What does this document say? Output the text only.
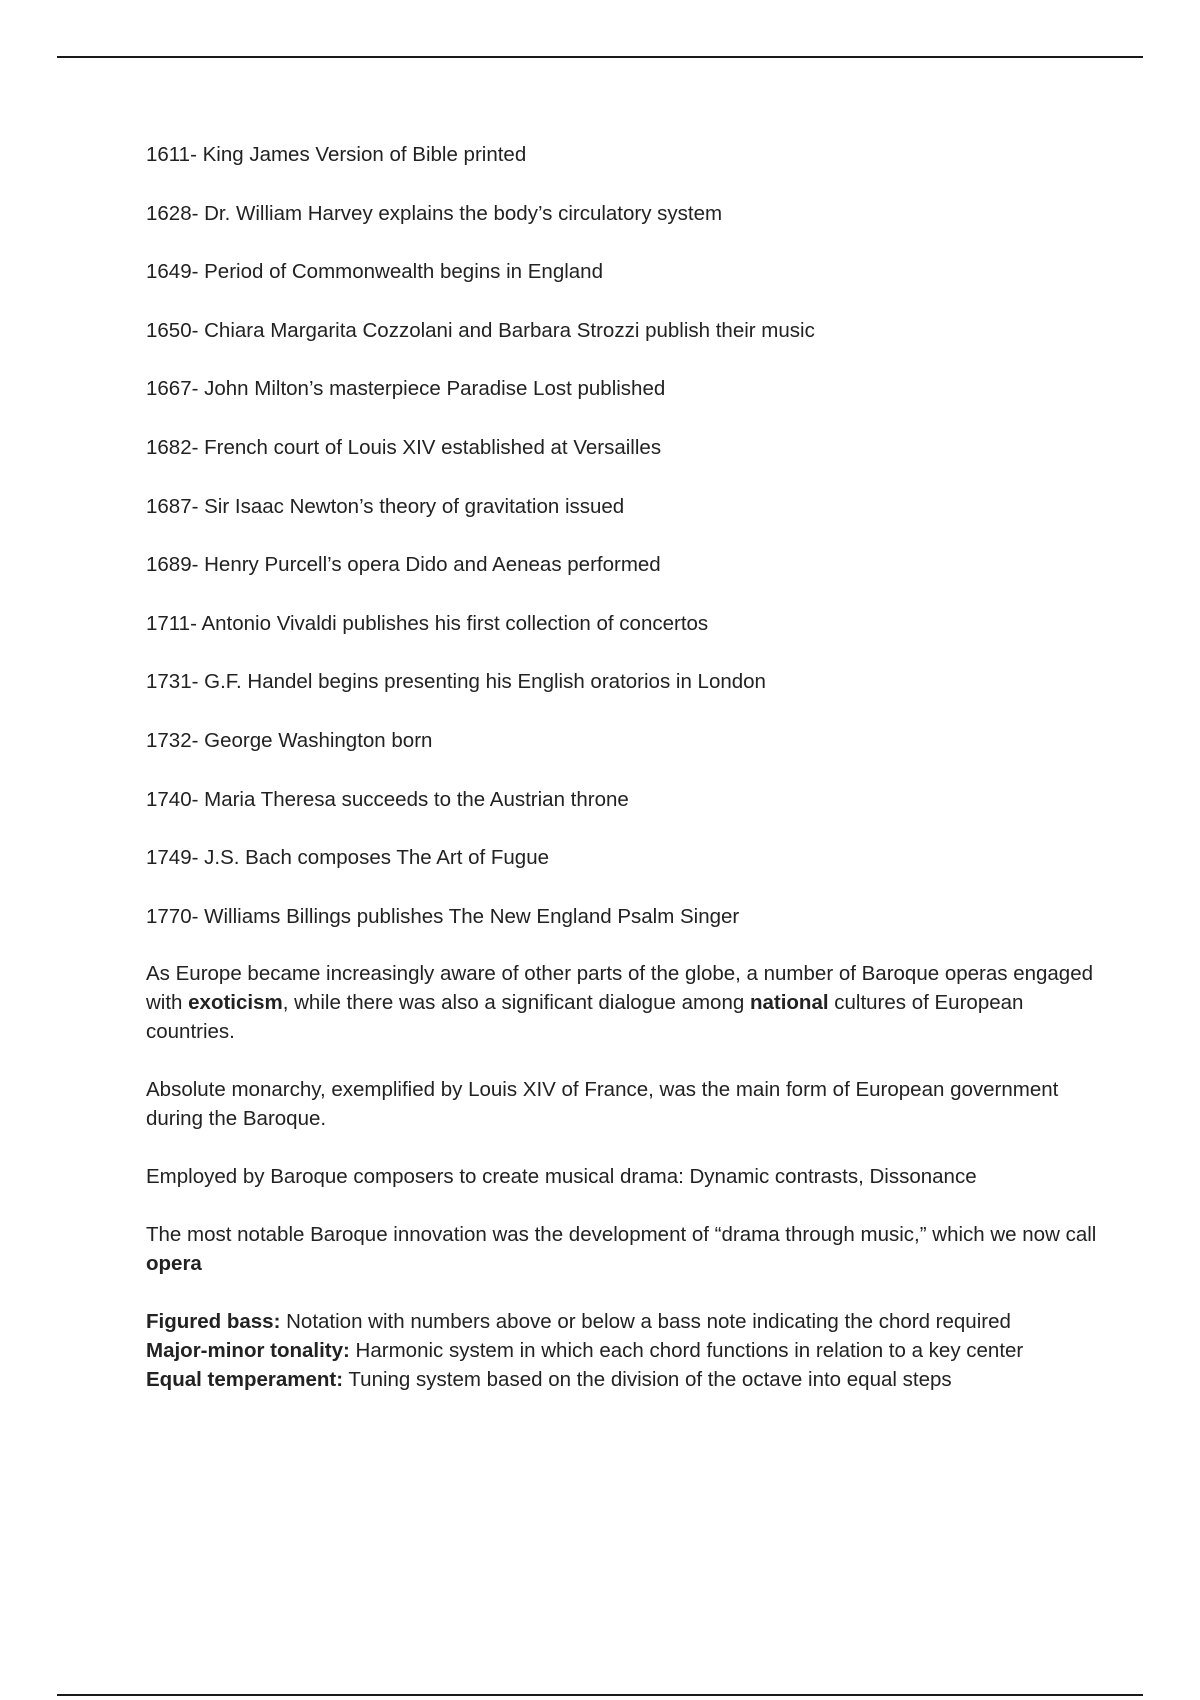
1611- King James Version of Bible printed
1628- Dr. William Harvey explains the body’s circulatory system
1649- Period of Commonwealth begins in England
1650- Chiara Margarita Cozzolani and Barbara Strozzi publish their music
1667- John Milton’s masterpiece Paradise Lost published
1682- French court of Louis XIV established at Versailles
1687- Sir Isaac Newton’s theory of gravitation issued
1689- Henry Purcell’s opera Dido and Aeneas performed
1711- Antonio Vivaldi publishes his first collection of concertos
1731- G.F. Handel begins presenting his English oratorios in London
1732- George Washington born
1740- Maria Theresa succeeds to the Austrian throne
1749- J.S. Bach composes The Art of Fugue
1770- Williams Billings publishes The New England Psalm Singer

As Europe became increasingly aware of other parts of the globe, a number of Baroque operas engaged with exoticism, while there was also a significant dialogue among national cultures of European countries.

Absolute monarchy, exemplified by Louis XIV of France, was the main form of European government during the Baroque.

Employed by Baroque composers to create musical drama: Dynamic contrasts, Dissonance

The most notable Baroque innovation was the development of “drama through music,” which we now call opera

Figured bass: Notation with numbers above or below a bass note indicating the chord required
Major-minor tonality: Harmonic system in which each chord functions in relation to a key center
Equal temperament: Tuning system based on the division of the octave into equal steps
